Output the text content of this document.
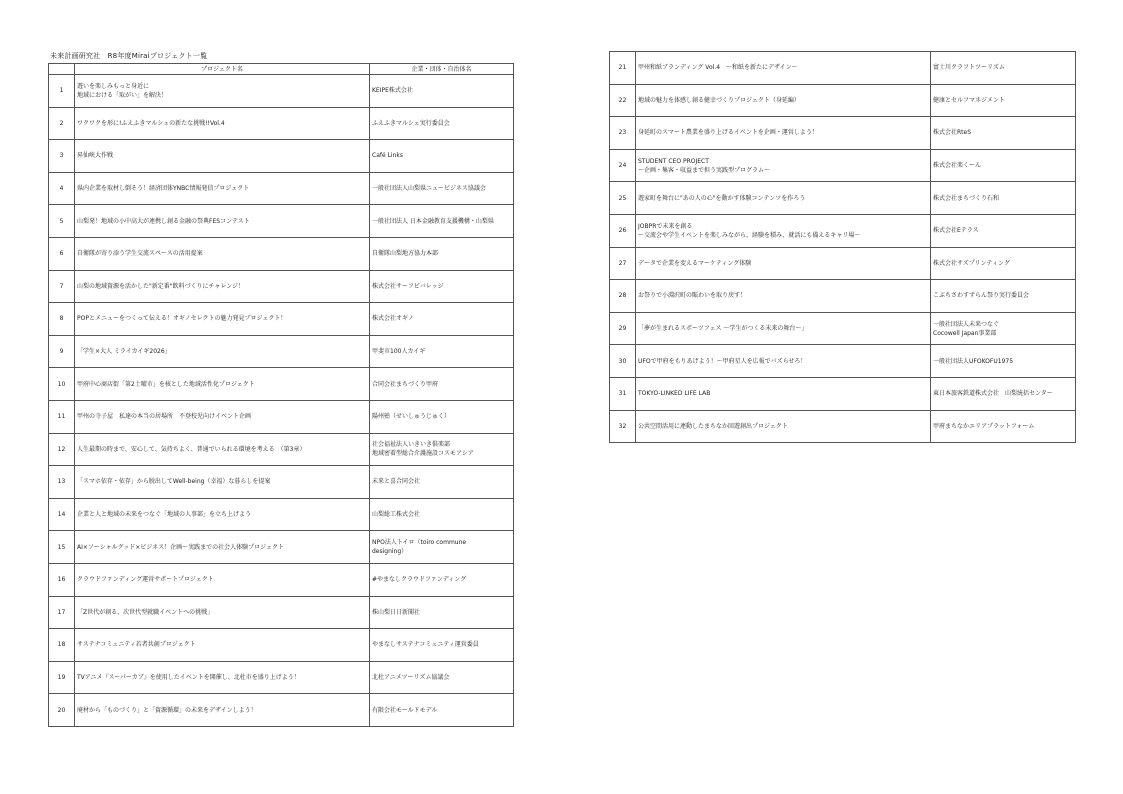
未来計画研究社　R8年度Miraiプロジェクト一覧
	プロジェクト名	企業・団体・自治体名
1	遊いを楽しみもっと身近に
地域における「取がい」を解決！	KEIPE株式会社

2	ワクワクを形に!ふえふきマルシェの新たな挑戦!!Vol.4	ふえふきマルシェ実行委員会

3	昇仙峡大作戦	Café Links

4	県内企業を取材し倒そう！経済団体YNBC情報発信プロジェクト	一般社団法人山梨県ニュービジネス協議会

5	山梨発！地域の小中高大が連携し創る金融の祭典FESコンテスト	一般社団法人 日本金融教育支援機構・山梨県

6	自衛隊が寄り添う学生交流スペースの活用提案	自衛隊山梨地方協力本部

7	山梨の地域資源を活かした"新定番"飲料づくりにチャレンジ！	株式会社サーフビバレッジ

8	POPとメニューをつくって伝える！オギノセレクトの魅力発見プロジェクト！	株式会社オギノ

9	「学生×大人 ミライカイギ2026」	甲斐市100人カイギ

10	甲府中心商店街「第2土曜市」を核とした地域活性化プロジェクト	合同会社まちづくり甲府

11	甲州の寺子屋　私達の本当の居場所　不登校児向けイベント企画	陽州塾（せいしゅうじゅく）

12	人生最期の時まで、安心して、気持ちよく、普通でいられる環境を考える　（第3章）	社会福祉法人いきいき倶楽部
地域密着型総合介護施設コスモアシア

13	「スマホ依存・依存」から脱出してWell-being（幸福）な暮らしを提案	未来と喜合同会社

14	企業と人と地域の未来をつなぐ「地域の人事部」を立ち上げよう	山梨総工株式会社

15	AI×ソーシャルグッド×ビジネス！企画〜実践までの社会人体験プロジェクト	NPO法人トイロ（toiro commune
designing）

16	クラウドファンディング運営サポートプロジェクト	#やまなしクラウドファンディング

17	「Z世代が創る、次世代型就職イベントへの挑戦」	株山梨日日新聞社

18	サステナコミュニティ若者共創プロジェクト	やまなしサステナコミュニティ運営委員

19	TVアニメ『スーパーカブ』を使用したイベントを開催し、北杜市を盛り上げよう！	北杜アニメツーリズム協議会

20	廃材から「ものづくり」と「資源循環」の未来をデザインしよう！	有限会社モールドモデル
21	甲州和紙ブランディング Vol.4　～和紙を新たにデザイン～	富士川クラフトツーリズム

22	地域の魅力を体感し創る健幸づくりプロジェクト（身延編）	健康とセルフマネジメント

23	身延町のスマート農業を盛り上げるイベントを企画・運営しよう！	株式会社RteS

24	STUDENT CEO PROJECT
～企画・集客・収益まで担う実践型プログラム～	株式会社楽くーん

25	遊家町を舞台に"あの人の心"を動かす体験コンテンツを作ろう	株式会社まちづくり石和

26	JOBPRで未来を創る
～交流会や学生イベントを楽しみながら、経験を積み、就活にも備えるキャリ場～	株式会社Eテラス

27	データで企業を変えるマーケティング体験	株式会社サズプリンティング

28	お祭りで小淵沢町の賑わいを取り戻す！	こぶちさわすずらん祭り実行委員会

29	「夢が生まれるスポーツフェス ～学生がつくる未来の舞台～」	一般社団法人未来つなぐ
Cocowell Japan事業部

30	UFOで甲府をもりあげよう！～甲府星人を広報でバズらせろ！	一般社団法人UFOKOFU1975

31	TOKYO-LINKED LIFE LAB	東日本旅客鉄道株式会社　山梨統括センター

32	公共空間活用に連動したまちなか回遊創出プロジェクト	甲府まちなかエリアプラットフォーム
